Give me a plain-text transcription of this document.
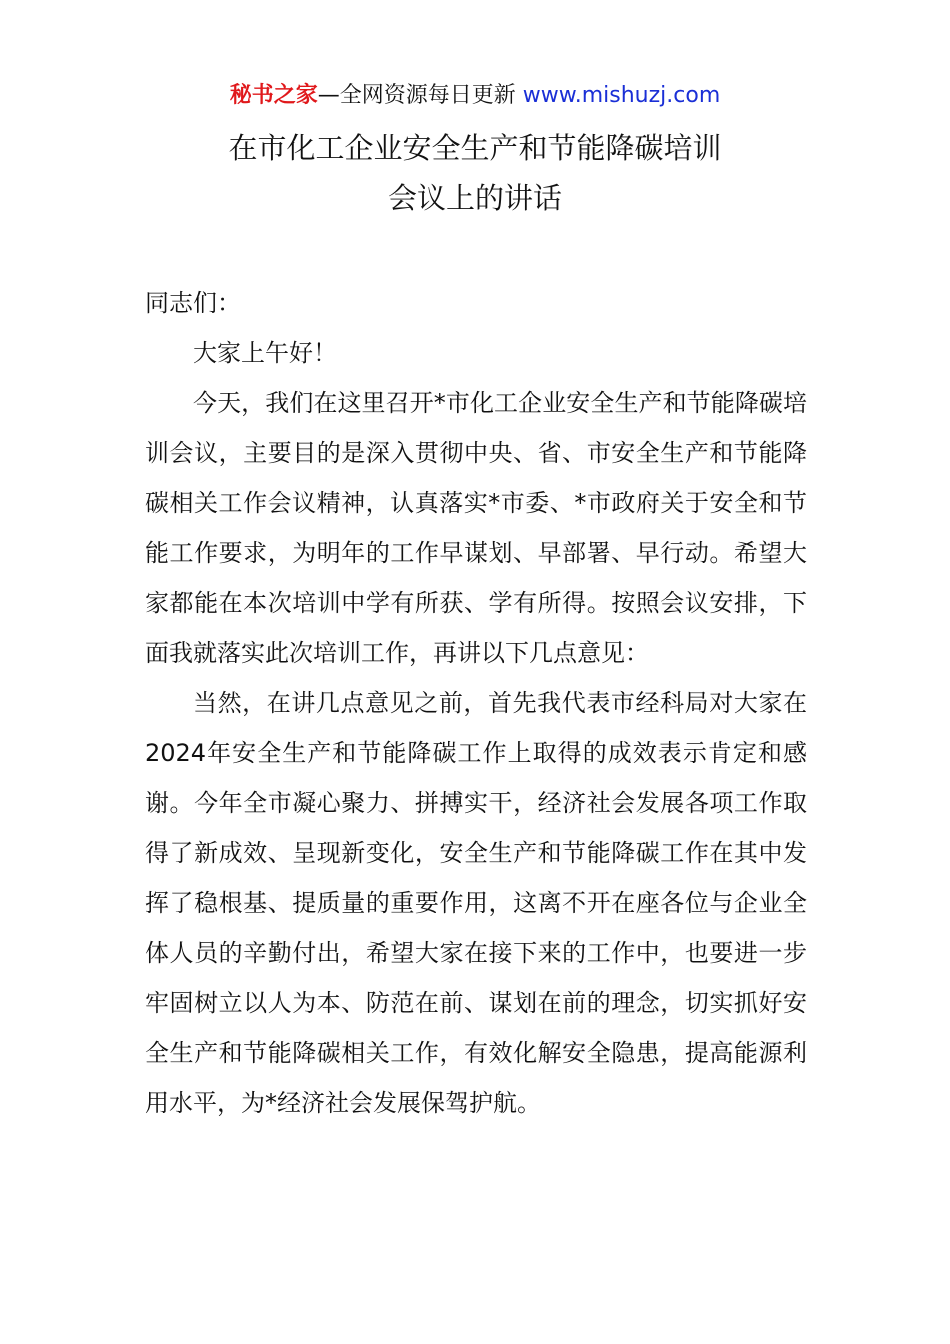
秘书之家—全网资源每日更新 www.mishuzj.com
在市化工企业安全生产和节能降碳培训
会议上的讲话

同志们：

大家上午好！

今天，我们在这里召开*市化工企业安全生产和节能降碳培训会议，主要目的是深入贯彻中央、省、市安全生产和节能降碳相关工作会议精神，认真落实*市委、*市政府关于安全和节能工作要求，为明年的工作早谋划、早部署、早行动。希望大家都能在本次培训中学有所获、学有所得。按照会议安排，下面我就落实此次培训工作，再讲以下几点意见：

当然，在讲几点意见之前，首先我代表市经科局对大家在2024年安全生产和节能降碳工作上取得的成效表示肯定和感谢。今年全市凝心聚力、拼搏实干，经济社会发展各项工作取得了新成效、呈现新变化，安全生产和节能降碳工作在其中发挥了稳根基、提质量的重要作用，这离不开在座各位与企业全体人员的辛勤付出，希望大家在接下来的工作中，也要进一步牢固树立以人为本、防范在前、谋划在前的理念，切实抓好安全生产和节能降碳相关工作，有效化解安全隐患，提高能源利用水平，为*经济社会发展保驾护航。
